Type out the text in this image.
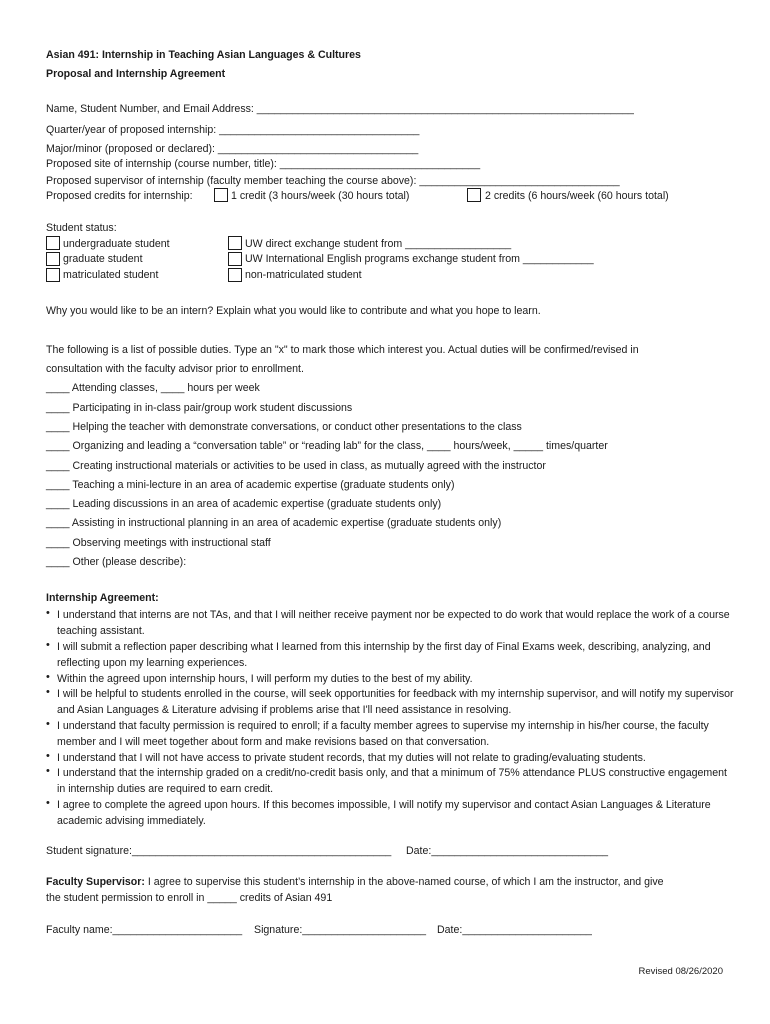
Asian 491: Internship in Teaching Asian Languages & Cultures
Proposal and Internship Agreement
Name, Student Number, and Email Address: ________________________________________________________________
Quarter/year of proposed internship: __________________________________
Major/minor (proposed or declared): __________________________________
Proposed site of internship (course number, title): __________________________________
Proposed supervisor of internship (faculty member teaching the course above): __________________________________
Proposed credits for internship:	1 credit (3 hours/week (30 hours total)	2 credits (6 hours/week (60 hours total)
Student status:
undergraduate student
graduate student
matriculated student
UW direct exchange student from __________________
UW International English programs exchange student from ____________
non-matriculated student
Why you would like to be an intern? Explain what you would like to contribute and what you hope to learn.
The following is a list of possible duties. Type an "x" to mark those which interest you. Actual duties will be confirmed/revised in
consultation with the faculty advisor prior to enrollment.
____ Attending classes, ____ hours per week
____ Participating in in-class pair/group work student discussions
____ Helping the teacher with demonstrate conversations, or conduct other presentations to the class
____ Organizing and leading a “conversation table” or “reading lab” for the class, ____ hours/week, _____ times/quarter
____ Creating instructional materials or activities to be used in class, as mutually agreed with the instructor
____ Teaching a mini-lecture in an area of academic expertise (graduate students only)
____ Leading discussions in an area of academic expertise (graduate students only)
____ Assisting in instructional planning in an area of academic expertise (graduate students only)
____ Observing meetings with instructional staff
____ Other (please describe):
Internship Agreement:
• I understand that interns are not TAs, and that I will neither receive payment nor be expected to do work that would replace the work of a course teaching assistant.
• I will submit a reflection paper describing what I learned from this internship by the first day of Final Exams week, describing, analyzing, and reflecting upon my learning experiences.
• Within the agreed upon internship hours, I will perform my duties to the best of my ability.
• I will be helpful to students enrolled in the course, will seek opportunities for feedback with my internship supervisor, and will notify my supervisor and Asian Languages & Literature advising if problems arise that I'll need assistance in resolving.
• I understand that faculty permission is required to enroll; if a faculty member agrees to supervise my internship in his/her course, the faculty member and I will meet together about form and make revisions based on that conversation.
• I understand that I will not have access to private student records, that my duties will not relate to grading/evaluating students.
• I understand that the internship graded on a credit/no-credit basis only, and that a minimum of 75% attendance PLUS constructive engagement in internship duties are required to earn credit.
• I agree to complete the agreed upon hours. If this becomes impossible, I will notify my supervisor and contact Asian Languages & Literature academic advising immediately.
Student signature:____________________________________________ Date:______________________________
Faculty Supervisor: I agree to supervise this student’s internship in the above-named course, of which I am the instructor, and give
the student permission to enroll in _____ credits of Asian 491
Faculty name:______________________ Signature:_____________________ Date:______________________
Revised 08/26/2020
